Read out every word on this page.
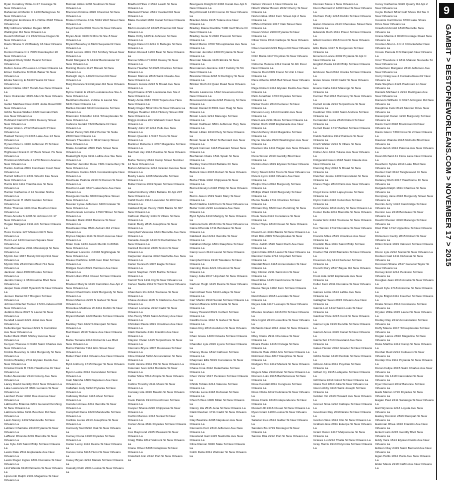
Ryan Conaboy Write-In 27 Courage St New Orleans La
Rahaman Al Martin C 1230 Bellegrove St New Orleans La
Wellington Embrace R Li Write 3618 Tillsea Orleans La
Billy Gibbons Walker Regan 3845 Wellington Rd New Orleans La
Deutch Michael J 1 1522 Rose Dugan St New Orleans La
Davis Shane V 20 Blakely 16 New Orleans La
Donlon Duane C 1 7065 Downlaydor 20 New Orleans La
Ragland Rudy 6442 Hearst St New Orleans La
Dellon Jesse 25 Lewes Ln New Orleans La
Elmer Catherine M 8111 Baker St New Orleans La
Ebola Sammy E 8140 Hearst Dr New Orleans La
Erwin Clarke 1817 Hundt Ave New Orleans La
Fiero Ostrander 4815 Allen St New Orleans La
Geller Matthew Dew 2415 Jodie Road 600 New Orleans La
Gibbs Nessa Walker 4320 Gervais Park Ave New Orleans La
Hubbard Carroll S 2001 Desuny Street New Orleans La
Harper Alois L 2712 Plainsouth P New Orleans La
Haskell Tammy N 2315 Lake Ave 13 New Orleans La
Hynes Peter L 1920 Jefferson Pl St New Orleans La
Hightower Frank K 47 Buck Street 7G New Orleans La
Hinckman Michelle 4 1270 Borom Avenue New Orleans La
Hanks Joshua 2801 Fondrean Court New Orleans La
Harrell Gilbert C 2331 Wrecht Fau Nova New Orleans La
Harris Eric 1111 Trantha Ave St New Orleans La
Harrier Catherine 2 12 Scotlan Nicha Orleans La
Hawk Kevin H 4629 Garden St New Orleans La
Hicks Thomas 1101 Rue Bourbon New Orleans La
Hines Amelia S 1206 St Johnson Ct 17 New Orleans La
Hogan Margaret 1911 Arb St New Orleans La
Hoss Connie 127 Mission Rd 5 New Orleans La
Hunt Levi 1434 Geroan Square New Orleans La
Irwin Bernadine 2011 Mississippi St New Orleans La
Myrick Jax 1847 Bundy Rd Apt 911 New Orleans La
Myrick Otis 2613 Palm Blvd 711 New Orleans La
Jackson Jaret 4580 Rhodes St New Orleans La
Jacobs Carey 1 38 Roseline Blvd New Orleans La
Jasper Kate 2418 Hyacinth St New Orleans La
Jensen Daniel 617 Brogton St New Orleans La
Johnson Rachel Tucker 1720 Lindwood Rd New Orleans La
Judkins Rene 8027 S Laurel St New Orleans La
Kendall Lowell 2221 Joliet Ave New Orleans La
Kellenberger Samuel 3221 S Carrollton Ave New Orleans La
Keller Mark 3620 Shirley Avenue New Orleans La
Kenyon Therese C 6440 Saint Charles Ave New Orleans La
Kimble Beverley G 1111 Burgundy St New Orleans La
Kimbro Bradley 2711 Elysian Fields Ave New Orleans La
Kinslow Frank B 7431 Hawthorne Dr New Orleans La
Koller Alexander 2114 Colony Ave New Orleans La
Lacey David Gentilly Rd 2 New Orleans La
Lake Lawrence M 3601 Lemans St New Orleans La
Lambert Peter 4402 Rue Avenue New Orleans La
LaRouche Brianna 3201 General Pershing St New Orleans La
Lattimore Elise 6211 Bourbon Rd New Orleans La
Lavin Nancy 1432 Mandeville St New Orleans La
Leblanc Charlotte 2219 Prytania St New Orleans La
LeBlanc Rhonda 3201 Bienville St New Orleans La
Lee Kyle 416 Saint Philip St New Orleans La
Lewis Dale 2511 Esplanade Ave New Orleans La
Lewis Roger Ingles 1801 Dumaine St New Orleans La
Lind Wanda 9118 Palmetto St New Orleans La
Lipscomb Ralph 2101 Magazine St New Orleans La
Bolman Aldus 1236 Soubran St New Orleans La
Brennan Kristine 4826 Chestnut St New Orleans La
Broken Chance 4 Nu 5044 Wolf Street New Orleans La
Boyd Kendra 6602 Touro St New Orleans La
Bryan Alvin 3109 N Miro St Ste 8 New Orleans La
Bryant Beverley A 6924 Sequoia Dr New Orleans La
Budd Lenore 4901 723 St Mary Street New Orleans La
Budd Margaret N 14442 Buckmaster Dr New Orleans La
Bunting Rocco 1127 Bissett St New Orleans La
Burleigh Jay L 14620 Curran Rd New Orleans La
Burg Durance 914 Elysian Rd New Orleans La
Byrne Calvin E 2412 Louisiana Ave Ste A New Orleans La
Beckham Alexia L 2 Aline & Laurel Ste 6231 New Orleans La
Bartles Donald 3410 Constance St New Orleans La
Bramston Kristoffer 1211 Tchoupitoulas St New Orleans La
Cabrera Gerald 7320 Bellaire Dr New Orleans La
Bonar Penny Wit 4912 Perrier St Suite 2300 New Orleans La
Bowers Theodore C 3612 Camp Street New Orleans La
Brake Jonathan 2806 Park Street New Orleans La
Boatwright Kyla 3211 Lafitte Ave Ste New Orleans La
Bratcher Jennifer Rose 7481 Canterbury St New Orleans La
Bourbiere Carlos 3321 Constantinople New Orleans La
Bourbeau Patricia 2210 N Roman St New Orleans La
Bourbon Leah 3317 Lakeshore Ave New Orleans La
Bourgeois Cecile 3609 Dauphine Street New Orleans La
Bouvier Lyrae Jefferson 3403 Gravier St New Orleans La
Bourbonnais Lorraine 1790 Hillmer St New Orleans La
Bowden Mark 4916 Baronne St New Orleans La
Boudreaux Rae 8521 Auburn Rd 2 New Orleans La
Brynes Naples 1111 St Roch Avenue New Orleans La
Brian Cole 1234 Jacob Merritt In #0611 New Orleans La
Brashear Lorenzo J 2346 Nightingale St New Orleans La
Breaux Kathrine 1206 Gen Diaz St New Orleans La
Bridges Kevin 8021 Harrison Ave New Orleans La
Brock Lilian 2514 Clouet St New Orleans La
Brodeur Mary E 1419 Carrollton Ave Apt 2 New Orleans La
Brown Chad Doris 1422 Burgundy St New Orleans La
Brown Marcus 2215 N Galvez St New Orleans La
Brownlee Matthew W 4411 Dublin St New Orleans La
Bryant Mariah 1220 Banks St New Orleans La
Buckley Toni 4222 S Rampart St New Orleans La
Bud Dawn 2019 Tulane Ave New Orleans La
Burke Tamara 2214 Robert E Lee Blvd New Orleans La
Burns Patricia 7112 Elm Street New Orleans La
Butler Paul 2114 Orleans Ave New Orleans La
Byrd Anthony 1715 Pauger St New Orleans La
Byers Leslie 3014 Carondelet St New Orleans La
Cain Marsha 1809 Napoleon Ave New Orleans La
Callahan Jody 6222 Prytania St New Orleans La
Calloway Ruben 1116 Alvar St New Orleans La
Camden Aimee 4311 Iberville St New Orleans La
Campbell Dena 1620 Mandeville St New Orleans La
Carlisle Lucas 2213 Josephine St New Orleans La
Carmody Neil 8222 Oak St New Orleans La
Carney Fiona 1918 Dryades St New Orleans La
Carter Leroy 1114 Desire St New Orleans La
Caruso Gina 6116 Hurst St New Orleans La
Casey Bryan 4214 Marais St New Orleans La
Cassidy Ruth 2201 Louisa St New Orleans La
Bradford Hiles J 1512 Leach St New Orleans La
Blackwell Helen 2841 Yearkell Rd New Orleans La
Blake Kendall 1830 Canal St New Orleans La
Bluhm Aurelio M 16425 Pinerrac Rd New Orleans La
Blake Kirby 1405 E Johnson St New Orleans La
Boggs Daren N 4211 C Bellegre St New Orleans La
Bolton Russell 1203 Bear St New Orleans La
Bonner Milton H 2016 Dewey St New Orleans La
Boone Heather M 2926 Chartres St New Orleans La
Bowen Marcus 2816 Saint Claude Ave New Orleans La
Bowers Jessie 2223 N Broad Ave New Orleans La
Boyd Duane 4720 Louisiana Ave Ste 2 New Orleans La
Brady Anita 3033 7600 Tupelo Ave Here New Orleans La
Brady Roger 5612 Clio St New Orleans La
Bridges Heather 1614 Hickory Street 302 New Orleans La
Briggs Andrea 221 Wabash Court New Orleans La
Broady John W 1214 Polk Ave New Orleans La
Brown Quentin 1 5417 Touro St New Orleans La
Buckner Roberta 1 4707 Magazine St New Orleans La
Burchett Jay 1913 Pauline St New Orleans La
Burke Tammy 2614 Camp Street Number 14 New Orleans La
Burton Adrienne 1214 Gravier Avenue New Orleans La
Busby Laure 1208 Mandeville St New Orleans La
Butler Norma 1619 Spain St New Orleans La
Cabell Anthony 2821 Bellaire Dr Apt 207 New Orleans La
Cahill Kevin 1914 Lavender St 203 New Orleans La
Caldwell Ryan Henry 7409 Banks St 307 New Orleans La
Calhoun Wendy 1411 N Villere St New Orleans La
Calvin Betty 2815 Josephine St New Orleans La
Campbell Vanessa 1621 Bienville Ave New Orleans La
Canada Joseph 1410 N Rocheblave St New Orleans La
Cantrell Dominic 2406 St Ann St New Orleans La
Carpenter Joanna 4012 Nashville Ave New Orleans La
Carter Kenneth 1907 Eagle St New Orleans La
Carrol Stephen 7215 Burthe St New Orleans La
Carroll Toni 1211 Fig St New Orleans La
Carver Nadia 1912 N Tonti St New Orleans La
Chambers Iris 2214 Toulouse St New Orleans La
Chase Andrew 1105 S Claiborne Ave New Orleans La
Chavez Lorraine 2212 Cadiz St New Orleans La
Cho Henry 5519 Saint Anthony Ave New Orleans La
Christian Paula 1821 Ursulines Ave New Orleans La
Clark Danielle 4111 Franklin Ave New Orleans La
Clayton Vivian 1415 Terpsichore St New Orleans La
Clemons Bryce 1807 Rousseau St New Orleans La
Cline Roland 5222 Annunciation St New Orleans La
Cobb Janice 2911 Pitt St New Orleans La
Coleman Ivan 1212 Burdette St New Orleans La
Collier Mina 7814 Zimple St New Orleans La
Collins Timothy 2111 Music St New Orleans La
Conway Lila 4016 Baudin St New Orleans La
Cook Patrick 1914 Frenchmen St New Orleans La
Cooper Shana 2220 Chippewa St New Orleans La
Corbin Marcus 1313 Soniat St New Orleans La
Cortez Alma 4611 Dryades St New Orleans La
Cox Raymond 2105 Pleasant St New Orleans La
Craig Hilda 1812 Valmont St New Orleans La
Crane Oliver 6308 Colapissa St New Orleans La
Crawford Ann 2412 Port St New Orleans La
Bourgeois Dwight R 4346 Canal Ave Apt 6 New Orleans La
Boyd Ronald 1219 Cosmo Dr New Orleans La
Bracket Alicia 1915 Tulane Ave New Orleans La
Bradley Diana Doolittle 7400 Gulf Shore Dr New Orleans La
Bradley Gene N 2940 Prescott St New Orleans La
Brand Marco 4700 Tchoupitoulas Ave New Orleans La
Brennan Jennifer 2300 Prytania St New Orleans La
Brennan Maude 1126 Elmira St New Orleans La
Brennaman Jasmine 1417 Felicity St 54 New Orleans La
Brewster Rosa 4218 N Derbigny St New Orleans La
Brinker Ruth 24 Quiet Road New Orleans La
Brooks Lawrence 1812 Greenwood Ave New Orleans La
Broussard Amanda 2218 Ptolemy St New Orleans La
Brown Daniel D 6501 Gen Haig St New Orleans La
Brown Louis 1214 Marengo St New Orleans La
Brown Kathleen 6801 Jefferson Hwy New Orleans La
Brown Lillian 1610 Piety St New Orleans La
Brown Sean E 5612 St Bernard Ave New Orleans La
Bryant Carmen 1118 Pleasant Street New Orleans La
Buchanan Claire 1511 Spain St New Orleans La
Buckley Carol 6114 Bellaire Dr New Orleans La
Bullock Glen 2615 Robert St New Orleans La
Burke Hilda 1402 Chippewa St New Orleans La
Burnett Evelyn 2418 Philip St New Orleans La
Burns Jason 1519 Saint Mary St New Orleans La
Bush Nadine 1120 Fern St New Orleans La
Butler Colin 2216 Louisiana Ave New Orleans La
Byrd Sylvia 4410 Marigny St New Orleans La
Cabrera Felix 2016 Clio St New Orleans La
Caine Rhonda 1711 Bordeaux St New Orleans La
Caldwell Joel 2212 Iberville St New Orleans La
Callahan Margo 1801 Dauphine St New Orleans La
Camp Leon 3114 Laurel St New Orleans La
Campbell Nora 1919 Toledano St New Orleans La
Canning Ross 4221 Chestnut St New Orleans La
Carey Julia 2017 Urquhart St New Orleans La
Carlson Hugh 1415 Desire St New Orleans La
Carmichael Tess 5110 Lafaye St New Orleans La
Carr Martin 2910 Soniat St New Orleans La
Carson Bianca 1219 Amelia St New Orleans La
Casey Howard 6621 Colbert St New Orleans La
Castillo Irene 1912 N Galvez St New Orleans La
Cates Roy 2813 Audubon St New Orleans La
Chan Grace 1409 Octavia St New Orleans La
Chandler Lyle 2016 Lyons St New Orleans La
Chaney Rose 1812 Calhoun St New Orleans La
Chapman Ellis 5019 Constance St New Orleans La
Chase Irma 3412 Delachaise St New Orleans La
Chen Victor 1617 Peniston St New Orleans La
Childs Tobias 2214 Valence St New Orleans La
Christie Lena 4418 Dufossat St New Orleans La
Church Wes 1906 Milan St New Orleans La
Clancy Ida 2515 Jena St New Orleans La
Clark Reuben 1711 Cadiz St New Orleans La
Clay Beatrice 4208 Napoleon Ave New Orleans La
Clements Kurt 2310 Jefferson Ave New Orleans La
Cleveland Gail 1415 Nashville Ave New Orleans La
Cline Ramon 6020 State St New Orleans La
Cobb Delia 2011 Webster St New Orleans La
Nelson Vincent 1 New Orleans La
Nitsch Walter Brown 2032 Cherry St New Orleans La
Norton Elsa 1812 Fern Street Apt 2 New Orleans La
O'Brien Patrick 1017 Oak Street New Orleans La
Ocean Victor 2200 Prytania St New Orleans La
Oliver Dora 1514 Calliope St New Orleans La
Olsen Gerald 2219 Bayou Rd New Orleans La
Ortiz Maria 1117 Poydras St New Orleans La
Osborne Helena 1312 Canal St 4th Floor New Orleans La
Owens Rod 2309 Freret St Unit 1 New Orleans La
Pace Alberta 1818 Bell Street New Orleans La
Page Robert 1414 Elysian Fields Ave New Orleans La
Park Jonathan 1703 Dryades St New Orleans La
Parker Kevin 2613 Kerlerec St New Orleans La
Parsons Lucy 1314 Franklin Ave New Orleans La
Patel Lara 2211 Moss St New Orleans La
Patton Ruth 1908 Esplanade Ave New Orleans La
Paul Anthony 4114 Magazine St New Orleans La
Payne Glenda 2520 Washington Ave New Orleans La
Pearson Ida 1411 Hagan Ave New Orleans La
Pena Simon 2010 Gentilly Blvd New Orleans La
Perkins Alan 1819 Elysian St New Orleans La
Perry Stuart 2211 Touro St New Orleans La
Peters Lynn 1416 Orleans Ave New Orleans La
Phelps Oren 2812 Burgundy St New Orleans La
Phillips Ward 1910 Burgundy St New Orleans La
Pierce Nadia 1711 Chartres St New Orleans La
Pittman Roy 6520 Gen Pershing St New Orleans La
Poole Sara 2114 Constance St New Orleans La
Porter Hope 1819 Clouet St New Orleans La
Powell Lon 4411 Banks St New Orleans La
Pratt Milo 2009 Tchoupitoulas St New Orleans La
Price Judith 1520 Saint Roch Ave New Orleans La
Quinn Dale 2813 Laurel St New Orleans La
Ramirez Celia 1714 Urquhart St New Orleans La
Randall Brent 4118 Annunciation St New Orleans La
Ray Clinton 2211 Saint Ann St New Orleans La
Reed Elise 1415 Cambronne St New Orleans La
Reese Tanya 1902 Fern St New Orleans La
Reid Mason 2618 Leonidas St New Orleans La
Reyes Ada 1117 Lesseps St New Orleans La
Rhodes Graham 4416 Pitt St New Orleans La
Rice Ingrid 2213 Lowerline St New Orleans La
Richards Neal 1812 Joliet St New Orleans La
Riley Claire 2911 Cherokee St New Orleans La
Rivera Paolo 1416 Onzaga St New Orleans La
Roberts Hale 2022 Arts St New Orleans La
Robinson Dee 4817 Dauphine St New Orleans La
Rodgers Tim 1412 Mazant St New Orleans La
Rogers Mae 2110 Alvar St New Orleans La
Romero Luis 1915 Bartholomew St New Orleans La
Rose Kendall 2811 Congress St New Orleans La
Ross Olivia 4212 Feliciana St New Orleans La
Rowe Frank 1618 Independence St New Orleans La
Russell Jill 2416 Clouet St New Orleans La
Ryan Grant 1209 Louisa St New Orleans La
Salazar Ines 2614 Gallier St New Orleans La
Sanders Bo 1719 Montegut St New Orleans La
Santos Rita 2212 Port St New Orleans La
Duncan Steve 1 New Orleans La
Dunn Bernard 2 1260 Noel St New Orleans La
Durham Polly 1218 Dublin St New Orleans La
Eaton Clarence 2113 Cherokee Street New Orleans La
Edwards Ruth 1611 Prieur St New Orleans La
Elliott Gordon 2918 Conti St New Orleans La
Ellis Marie 1417 N Dorgenois St New Orleans La
Emerson Lance 2002 Prytania St Apt C New Orleans La
English Paula 1219 Philip St New Orleans La
Erickson Ned 2612 Urania St New Orleans La
Estes Grace 1910 Cadiz St New Orleans La
Evans Carla 4112 Marengo St New Orleans La
Farmer Hal 1813 Harmony St New Orleans La
Farrell Linda 2214 Terpsichore St New Orleans La
Faulkner Otis 1410 Saint Andrew St New Orleans La
Fernandez Lucia 2616 Robert St New Orleans La
Ferrell Dean 1717 Belfast St New Orleans La
Fields Sabrina 1912 Painters St New Orleans La
Finch Walter 2214 N Villere St New Orleans La
Fisher Ann 4411 Tulane Ave New Orleans La
Fitzgerald Gwen 1618 Saint Claude Ave New Orleans La
Fleming Roy 2012 N Broad St New Orleans La
Fletcher Jessie 1409 Carondelet St New Orleans La
Flores Hugo 2813 Paris Ave New Orleans La
Floyd Irene 1210 Lapeyrouse St New Orleans La
Flynn Colin 2416 Columbus St New Orleans La
Ford Vance 1814 Aubry St New Orleans La
Foster Della 2211 Bienville St New Orleans La
Fowler Eric 4412 Toulouse St New Orleans La
Fox Tamsin 1712 Dumaine St New Orleans La
Francis Miles 2519 Ursulines Ave New Orleans La
Franklin Bea 1911 Saint Philip St New Orleans La
Frazier Hal 2210 Barracks St New Orleans La
Freeman Joy 1414 Kerlerec St New Orleans La
French Rory 2817 Bayou Rd New Orleans La
Frost Ada 1218 Esplanade Ave New Orleans La
Fuller Kent 2011 Dumaine St New Orleans La
Gaines Lottie 1614 Lafitte Ave New Orleans La
Gallagher Sean 2815 Orleans Ave New Orleans La
Garcia Luz 1412 Saint Louis St New Orleans La
Gardner Pete 2215 Conti St New Orleans La
Garner Lyla 1919 Iberville St New Orleans La
Garrett Amos 4416 Canal St New Orleans La
Garza Sol 1713 Cleveland Ave New Orleans La
Gates Hester 2012 Gravier St New Orleans La
Gibbs Nolan 1418 Perdido St New Orleans La
Gibson Alma 2611 Poydras St New Orleans La
Gilbert Cy 1915 Lafayette St New Orleans La
Gill Rena 2214 Girod St New Orleans La
Glass Ted 1810 Julia St New Orleans La
Glenn Abby 4113 Saint Joseph St New Orleans La
Golden Vic 2416 Howard Ave New Orleans La
Gomez Nina 1212 Calliope St New Orleans La
Goodman Ray 2019 Erato St New Orleans La
Gordon Wes 1614 Clio St New Orleans La
Graham Eve 2811 Euterpe St New Orleans La
Grant Owen 1417 Melpomene St New Orleans La
Graves Lu 2212 Thalia St New Orleans La
Gray Harris 1913 Polymnia St New Orleans La
Corey Catherine 9420 Quarry Rd Apt 2 New Orleans La
Coyle Robert 6812 Gulf Shore Rd Ste 3 New Orleans La
Cousins Carl Rocco 6700 Lake Shore Drive New Orleans La
Crawford Arnold 1818 Bienville New Orleans La
Crane Marcia 4 9018 Frontage Road New Orleans La
Crocker Alton L 4 C 2 3 Rockefeller New Orleans La
Crowe Pamela 8 N Rampart New Orleans La
Cruz Theodore 1 1811 Maison Nouvelle St New Orleans La
Culbertson Margaret 2310 Jefferson Ave New Orleans La
Curry Craig Lee 4 Fontainebleau Dr New Orleans La
Dale Stephen 4124 Piedmont Ln New Orleans La
Daniels Michael 1 2214 Rodrigues Ave New Orleans La
Danvers Wilhelm C 6317 Arrington Rd New Orleans La
Dauphine Felix 8124 Mercier Drive New Orleans La
Davenport Karen 1210 Burgundy St New Orleans La
Davis Cecil 3918 Brockman Rd New Orleans La
Davis Glenn 7390 Crow St 2 New Orleans La
Dawson Wanda 1618 Nicholls Blvd New Orleans La
Deal Jacob 1914 Paloma Ave New Orleans La
Dean Richard 41 Flora Lane New Orleans La
Dearborn Sylvia 2214 Lake Blvd New Orleans La
Decker Carl 3412 Tanglewood Ct New Orleans La
Delaney Ruth 2017 Hawthorne Dr New Orleans La
Delgado Ralph 1811 Chartres St New Orleans La
Dempsey Jane 2616 Burgundy Street New Orleans La
Dennis Jerry 1413 Cambridge St New Orleans La
Denton Lee 2218 Bordeaux St New Orleans La
Dewitt Chester 4010 Marengo St New Orleans La
Diaz Pilar 1712 Upperline St New Orleans La
Dickerson Cecily 2815 Robert St New Orleans La
Dillon Frank 1919 Valmont St New Orleans La
Dixon Lyle 2212 Soniat St New Orleans La
Dodson Gail 1411 Dufossat St New Orleans La
Donovan Shane 2617 General Taylor St New Orleans La
Dorsey Emil 1214 Peniston St New Orleans La
Douglas Jean 2013 Amelia St New Orleans La
Dowd Kyle 1718 Antonine St New Orleans La
Doyle Brigid 2411 Foucher St New Orleans La
Drake Simon 4514 Constance St New Orleans La
Dryden Willa 1915 Laurel St New Orleans La
Dudley Ray 2212 Annunciation St New Orleans La
Duffy Maura 1617 Tchoupitoulas St New Orleans La
Dugan Lance 2810 Magazine St New Orleans La
Duke Martha 1412 Camp St New Orleans La
Dunbar Reid 2214 Coliseum St New Orleans La
Dunlap Ora 1911 Prytania St New Orleans La
Duran Felipe 2615 Saint Charles Ave New Orleans La
Dutton Iris 1418 Carondelet St New Orleans La
Dyer Clement 2012 Baronne St New Orleans La
Eads Marion 1716 Dryades St New Orleans La
Eagan Paul 2411 Saratoga St New Orleans La
Earl Wynona 1213 Loyola Ave New Orleans La
Easley Dominic 2816 Rampart St New Orleans La
Eastman Rhea 1910 Franklin Ave New Orleans La
Eckert Lars 2215 Gentilly Blvd New Orleans La
Eddy Vera 1614 Elysian Fields Ave New Orleans La
Edison Clay 2419 Saint Bernard Ave New Orleans La
Egan Hollis 1812 Paris Ave New Orleans La
Elder Mavis 2218 Caffin Ave New Orleans La
9
GAMBIT > BESTOFNEWORLEANS.COM > NOVEMBER 17 > 2015
